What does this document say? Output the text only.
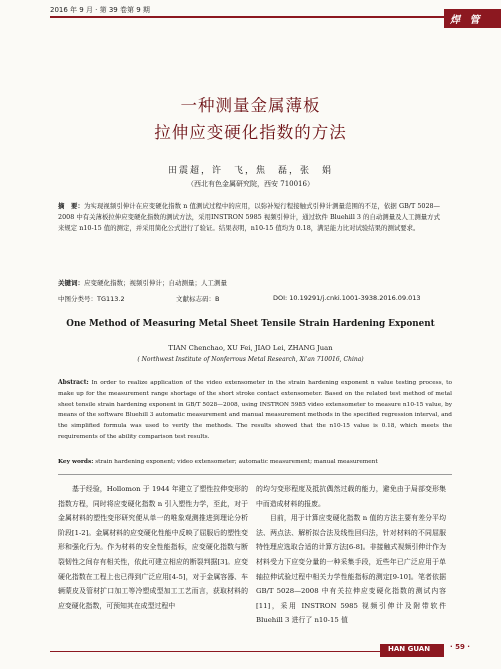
2016 年 9 月 · 第 39 卷第 9 期
焊 管
一种测量金属薄板
拉伸应变硬化指数的方法
田震超，许　飞，焦　磊，张　娟
（西北有色金属研究院，西安 710016）
摘　要：为实现视频引伸计在应变硬化指数 n 值测试过程中的应用，以弥补短行程接触式引伸计测量范围的不足，依据 GB/T 5028—2008 中有关薄板拉伸应变硬化指数的测试方法，采用INSTRON 5985 视频引伸计，通过软件 Bluehill 3 的自动测量及人工测量方式来规定 n10-15 值的测定，并采用简化公式进行了验证。结果表明，n10-15 值均为 0.18，满足能力比对试验结果的测试要求。
关键词：应变硬化指数；视频引伸计；自动测量；人工测量
中图分类号：TG113.2	文献标志码：B	DOI: 10.19291/j.cnki.1001-3938.2016.09.013
One Method of Measuring Metal Sheet Tensile Strain Hardening Exponent
TIAN Chenchao, XU Fei, JIAO Lei, ZHANG Juan
( Northwest Institute of Nonferrous Metal Research, Xi'an 710016, China)
Abstract: In order to realize application of the video extensometer in the strain hardening exponent n value testing process, to make up for the measurement range shortage of the short stroke contact extensometer. Based on the related test method of metal sheet tensile strain hardening exponent in GB/T 5028—2008, using INSTRON 5985 video extensometer to measure n10-15 value, by means of the software Bluehill 3 automatic measurement and manual measurement methods in the specified regression interval, and the simplified formula was used to verify the methods. The results showed that the n10-15 value is 0.18, which meets the requirements of the ability comparison test results.
Key words: strain hardening exponent; video extensometer; automatic measurement; manual measurement
基于经验，Hollomon 于 1944 年建立了塑性拉伸变形的指数方程，同时将应变硬化指数 n 引入塑性力学，至此，对于金属材料的塑性变形研究便从单一的唯象观测推进到理论分析阶段[1-2]。金属材料的应变硬化性能中反映了屈服后的塑性变形和强化行为。作为材料的安全性能指标，应变硬化指数与断裂韧性之间存有相关性，依此可建立相应的断裂判据[3]。应变硬化指数在工程上也已得到广泛应用[4-5]，对于金属容器、车辆蒙皮及管材扩口加工等冷塑成型加工工艺而言，获取材料的应变硬化指数，可预知其在成型过程中
的均匀变形程度及抵抗偶然过载的能力，避免由于局部变形集中而造成材料的报废。
　　目前，用于计算应变硬化指数 n 值的方法主要有差分平均法、两点法、解析拟合法及线性回归法，针对材料的不同屈服特性理应选取合适的计算方法[6-8]。非接触式视频引伸计作为材料受力下应变分量的一种采集手段，近些年已广泛应用于单轴拉伸试验过程中相关力学性能指标的测定[9-10]。笔者依据 GB/T 5028—2008 中有关拉伸应变硬化指数的测试内容[11]，采用 INSTRON 5985 视频引伸计及附带软件 Bluehill 3 进行了 n10-15 值
HAN GUAN	· 59 ·
